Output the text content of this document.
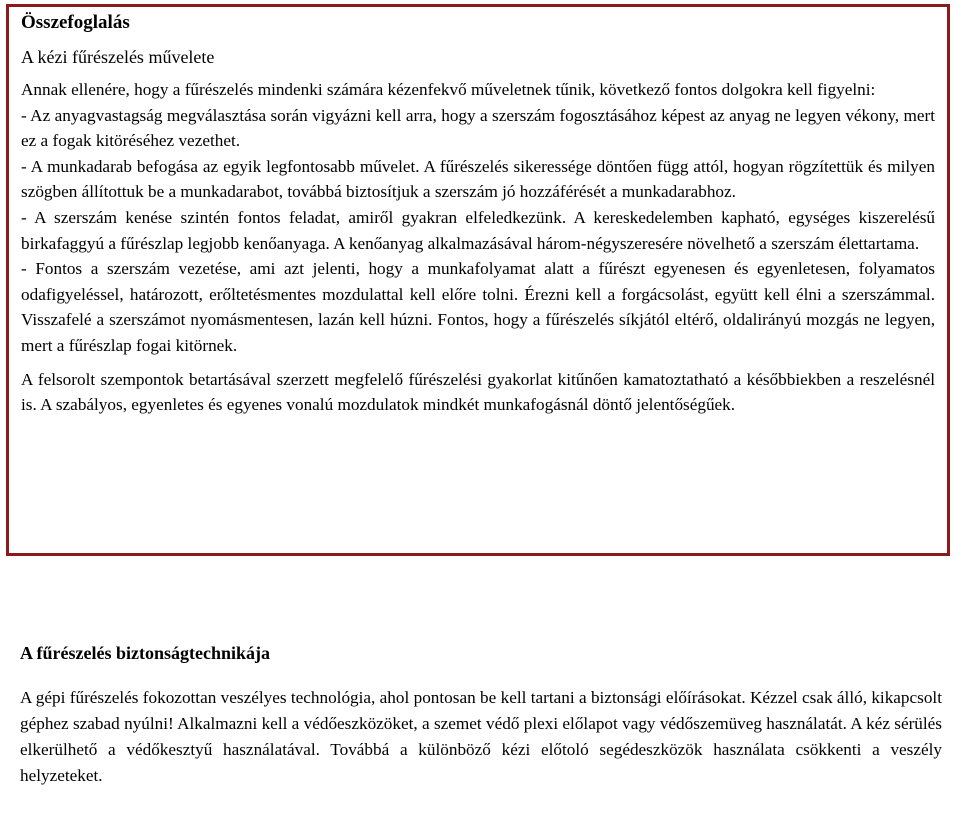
Összefoglalás

A kézi fűrészelés művelete

Annak ellenére, hogy a fűrészelés mindenki számára kézenfekvő műveletnek tűnik, következő fontos dolgokra kell figyelni:

- Az anyagvastagság megválasztása során vigyázni kell arra, hogy a szerszám fogosztásához képest az anyag ne legyen vékony, mert ez a fogak kitöréséhez vezethet.

- A munkadarab befogása az egyik legfontosabb művelet. A fűrészelés sikeressége döntően függ attól, hogyan rögzítettük és milyen szögben állítottuk be a munkadarabot, továbbá biztosítjuk a szerszám jó hozzáférését a munkadarabhoz.

- A szerszám kenése szintén fontos feladat, amiről gyakran elfeledkezünk. A kereskedelemben kapható, egységes kiszerelésű birkafaggyú a fűrészlap legjobb kenőanyaga. A kenőanyag alkalmazásával három-négyszeresére növelhető a szerszám élettartama.

- Fontos a szerszám vezetése, ami azt jelenti, hogy a munkafolyamat alatt a fűrészt egyenesen és egyenletesen, folyamatos odafigyeléssel, határozott, erőltetésmentes mozdulattal kell előre tolni. Érezni kell a forgácsolást, együtt kell élni a szerszámmal. Visszafelé a szerszámot nyomásmentesen, lazán kell húzni. Fontos, hogy a fűrészelés síkjától eltérő, oldalirányú mozgás ne legyen, mert a fűrészlap fogai kitörnek.

A felsorolt szempontok betartásával szerzett megfelelő fűrészelési gyakorlat kitűnően kamatoztatható a későbbiekben a reszelésnél is. A szabályos, egyenletes és egyenes vonalú mozdulatok mindkét munkafogásnál döntő jelentőségűek.

A fűrészelés biztonságtechnikája

A gépi fűrészelés fokozottan veszélyes technológia, ahol pontosan be kell tartani a biztonsági előírásokat. Kézzel csak álló, kikapcsolt géphez szabad nyúlni! Alkalmazni kell a védőeszközöket, a szemet védő plexi előlapot vagy védőszemüveg használatát. A kéz sérülés elkerülhető a védőkesztyű használatával. Továbbá a különböző kézi előtoló segédeszközök használata csökkenti a veszély helyzeteket.
